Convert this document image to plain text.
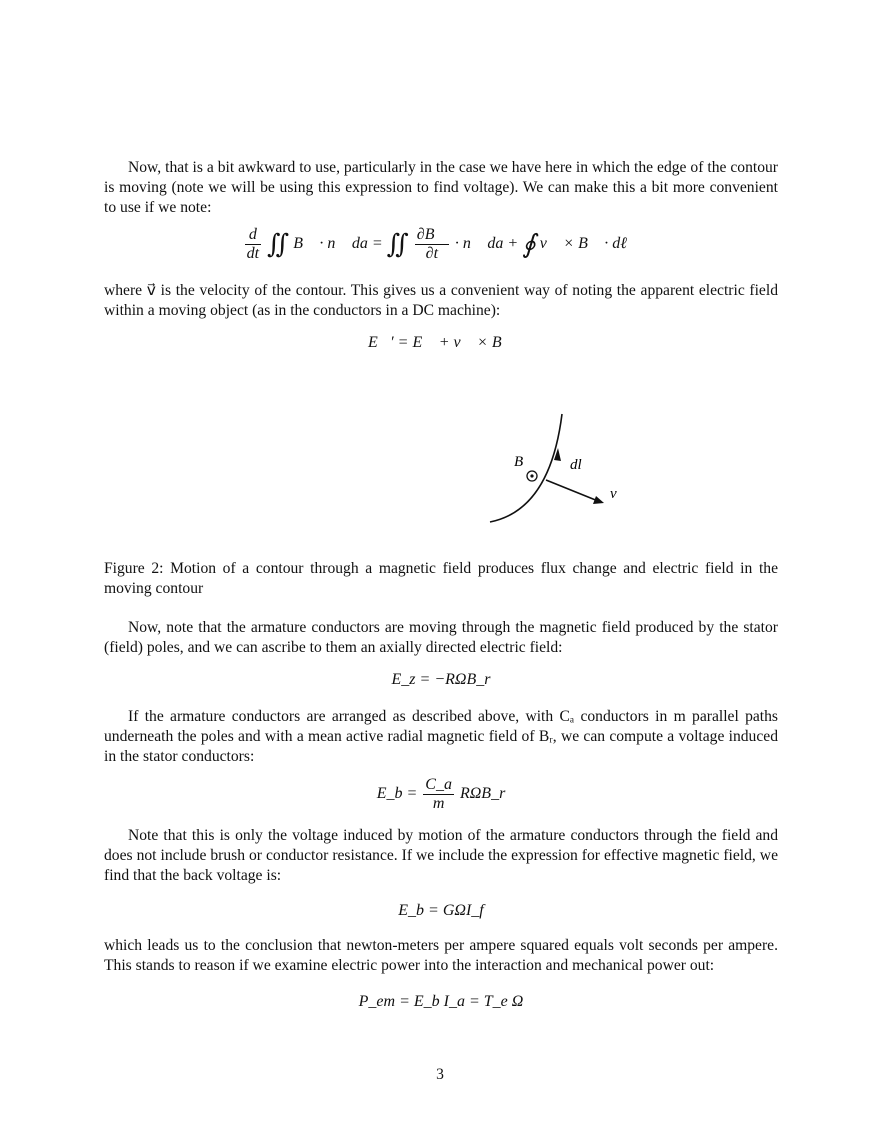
Now, that is a bit awkward to use, particularly in the case we have here in which the edge of the contour is moving (note we will be using this expression to find voltage). We can make this a bit more convenient to use if we note:
$\frac{d}{dt}$ ∬ B⃗ · n⃗ da = ∬ $\frac{\partial B⃗}{\partial t}$ · n⃗ da + ∮ v⃗ × B⃗ · dℓ⃗
where v⃗ is the velocity of the contour. This gives us a convenient way of noting the apparent electric field within a moving object (as in the conductors in a DC machine):
E⃗′ = E⃗ + v⃗ × B⃗
B⃗ dl⃗
v⃗
Figure 2: Motion of a contour through a magnetic field produces flux change and electric field in the moving contour
Now, note that the armature conductors are moving through the magnetic field produced by the stator (field) poles, and we can ascribe to them an axially directed electric field:
E_z = −RΩB_r
If the armature conductors are arranged as described above, with Cₐ conductors in m parallel paths underneath the poles and with a mean active radial magnetic field of Bᵣ, we can compute a voltage induced in the stator conductors:
E_b = $\frac{C\_a}{m}$ RΩB_r
Note that this is only the voltage induced by motion of the armature conductors through the field and does not include brush or conductor resistance. If we include the expression for effective magnetic field, we find that the back voltage is:
E_b = GΩI_f
which leads us to the conclusion that newton-meters per ampere squared equals volt seconds per ampere. This stands to reason if we examine electric power into the interaction and mechanical power out:
P_em = E_b I_a = T_e Ω
3
